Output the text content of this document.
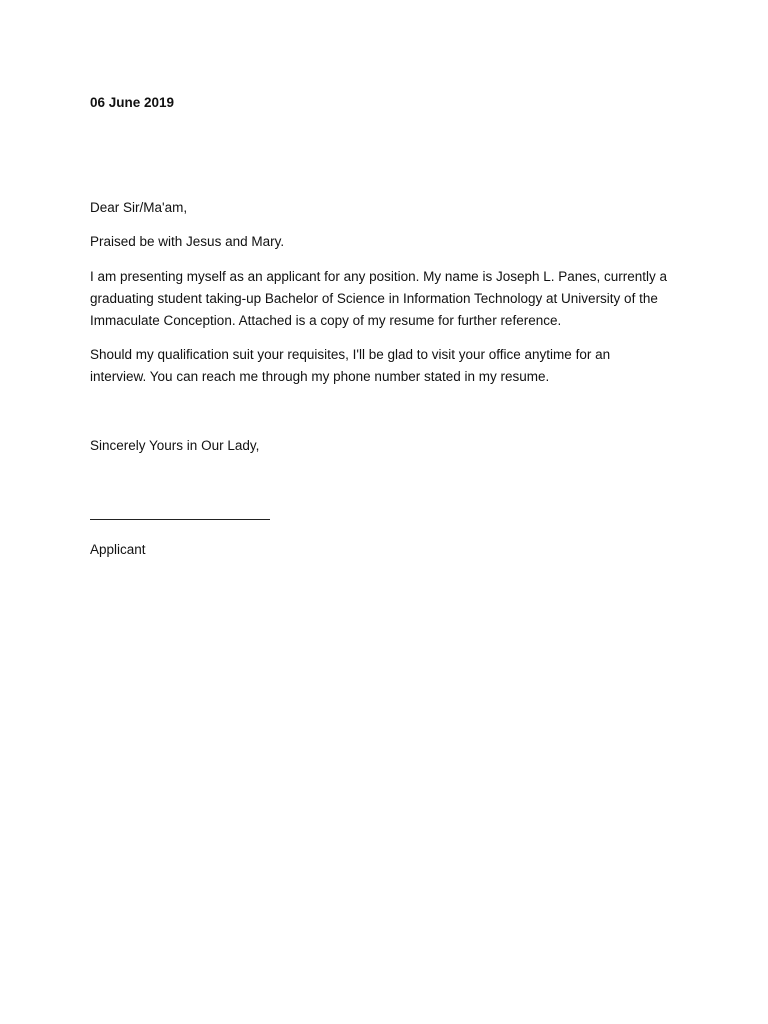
06 June 2019
Dear Sir/Ma'am,
Praised be with Jesus and Mary.
I am presenting myself as an applicant for any position. My name is Joseph L. Panes, currently a
graduating student taking-up Bachelor of Science in Information Technology at University of the
Immaculate Conception. Attached is a copy of my resume for further reference.
Should my qualification suit your requisites, I'll be glad to visit your office anytime for an
interview. You can reach me through my phone number stated in my resume.
Sincerely Yours in Our Lady,
Applicant
